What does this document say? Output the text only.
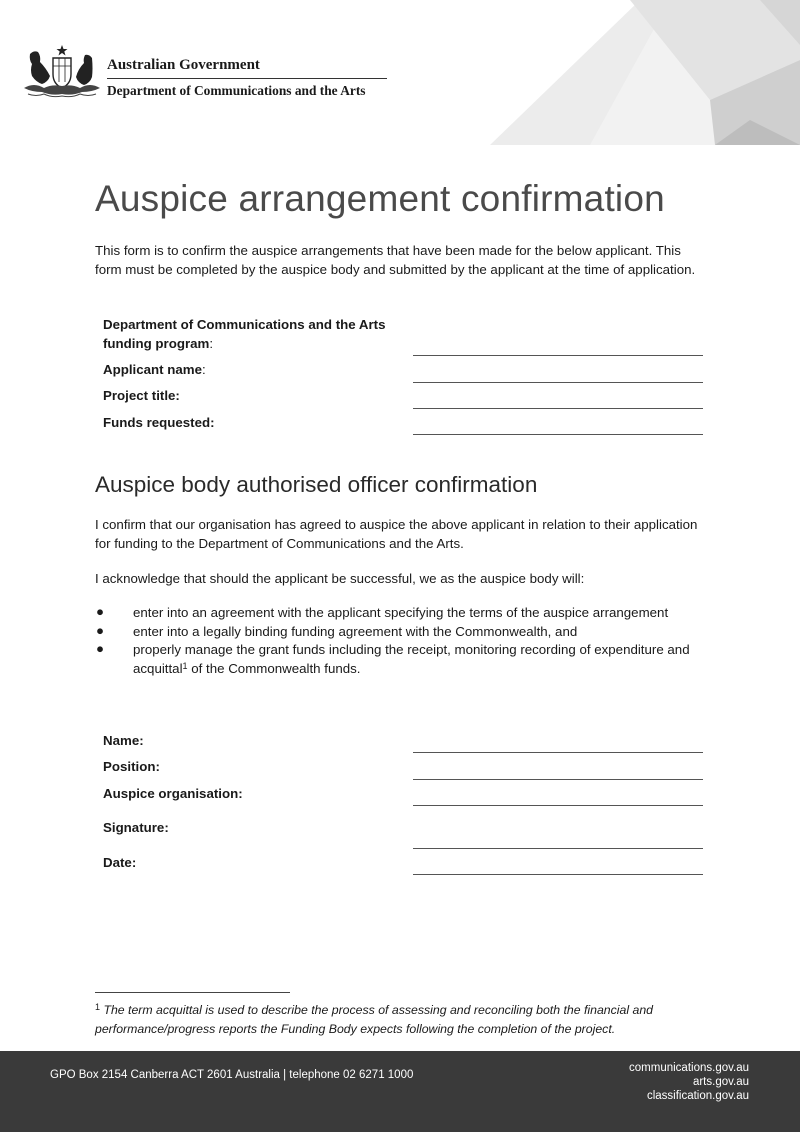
Australian Government
Department of Communications and the Arts
Auspice arrangement confirmation

This form is to confirm the auspice arrangements that have been made for the below applicant. This form must be completed by the auspice body and submitted by the applicant at the time of application.

Department of Communications and the Arts funding program:
Applicant name:
Project title:
Funds requested:
Auspice body authorised officer confirmation

I confirm that our organisation has agreed to auspice the above applicant in relation to their application for funding to the Department of Communications and the Arts.

I acknowledge that should the applicant be successful, we as the auspice body will:

● enter into an agreement with the applicant specifying the terms of the auspice arrangement
● enter into a legally binding funding agreement with the Commonwealth, and
● properly manage the grant funds including the receipt, monitoring recording of expenditure and acquittal$^1$ of the Commonwealth funds.
Name:
Position:
Auspice organisation:
Signature:
Date:
$^1$ The term acquittal is used to describe the process of assessing and reconciling both the financial and performance/progress reports the Funding Body expects following the completion of the project.
GPO Box 2154 Canberra ACT 2601 Australia | telephone 02 6271 1000
communications.gov.au
arts.gov.au
classification.gov.au
